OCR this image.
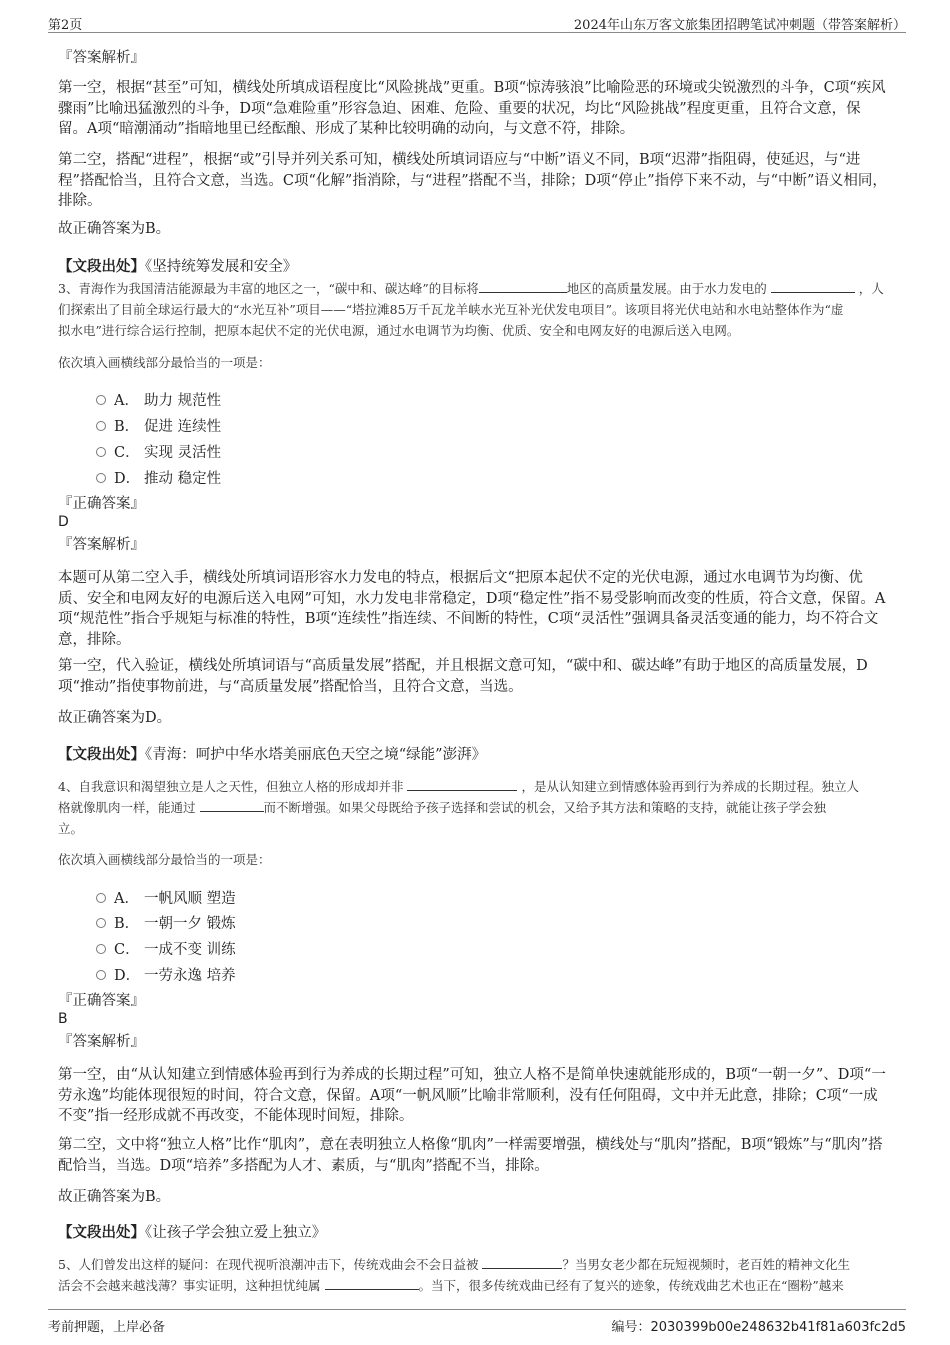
第2页	2024年山东万客文旅集团招聘笔试冲刺题（带答案解析）
『答案解析』
第一空，根据“甚至”可知，横线处所填成语程度比“风险挑战”更重。B项“惊涛骇浪”比喻险恶的环境或尖锐激烈的斗争，C项“疾风骤雨”比喻迅猛激烈的斗争，D项“急难险重”形容急迫、困难、危险、重要的状况，均比“风险挑战”程度更重，且符合文意，保留。A项“暗潮涌动”指暗地里已经酝酿、形成了某种比较明确的动向，与文意不符，排除。
第二空，搭配“进程”，根据“或”引导并列关系可知，横线处所填词语应与“中断”语义不同，B项“迟滞”指阻碍，使延迟，与“进程”搭配恰当，且符合文意，当选。C项“化解”指消除，与“进程”搭配不当，排除；D项“停止”指停下来不动，与“中断”语义相同，排除。
故正确答案为B。
【文段出处】《坚持统筹发展和安全》
3、青海作为我国清洁能源最为丰富的地区之一，“碳中和、碳达峰”的目标将	地区的高质量发展。由于水力发电的	，人
们探索出了目前全球运行最大的“水光互补”项目——“塔拉滩85万千瓦龙羊峡水光互补光伏发电项目”。该项目将光伏电站和水电站整体作为“虚
拟水电”进行综合运行控制，把原本起伏不定的光伏电源，通过水电调节为均衡、优质、安全和电网友好的电源后送入电网。
依次填入画横线部分最恰当的一项是：
A． 助力 规范性
B． 促进 连续性
C． 实现 灵活性
D． 推动 稳定性
『正确答案』
D
『答案解析』
本题可从第二空入手，横线处所填词语形容水力发电的特点，根据后文“把原本起伏不定的光伏电源，通过水电调节为均衡、优质、安全和电网友好的电源后送入电网”可知，水力发电非常稳定，D项“稳定性”指不易受影响而改变的性质，符合文意，保留。A项“规范性”指合乎规矩与标准的特性，B项“连续性”指连续、不间断的特性，C项“灵活性”强调具备灵活变通的能力，均不符合文意，排除。
第一空，代入验证，横线处所填词语与“高质量发展”搭配，并且根据文意可知，“碳中和、碳达峰”有助于地区的高质量发展，D项“推动”指使事物前进，与“高质量发展”搭配恰当，且符合文意，当选。
故正确答案为D。
【文段出处】《青海：呵护中华水塔美丽底色天空之境“绿能”澎湃》
4、自我意识和渴望独立是人之天性，但独立人格的形成却并非	，是从认知建立到情感体验再到行为养成的长期过程。独立人
格就像肌肉一样，能通过	而不断增强。如果父母既给予孩子选择和尝试的机会，又给予其方法和策略的支持，就能让孩子学会独
立。
依次填入画横线部分最恰当的一项是：
A． 一帆风顺 塑造
B． 一朝一夕 锻炼
C． 一成不变 训练
D． 一劳永逸 培养
『正确答案』
B
『答案解析』
第一空，由“从认知建立到情感体验再到行为养成的长期过程”可知，独立人格不是简单快速就能形成的，B项“一朝一夕”、D项“一劳永逸”均能体现很短的时间，符合文意，保留。A项“一帆风顺”比喻非常顺利，没有任何阻碍，文中并无此意，排除；C项“一成不变”指一经形成就不再改变，不能体现时间短，排除。
第二空，文中将“独立人格”比作“肌肉”，意在表明独立人格像“肌肉”一样需要增强，横线处与“肌肉”搭配，B项“锻炼”与“肌肉”搭配恰当，当选。D项“培养”多搭配为人才、素质，与“肌肉”搭配不当，排除。
故正确答案为B。
【文段出处】《让孩子学会独立爱上独立》
5、人们曾发出这样的疑问：在现代视听浪潮冲击下，传统戏曲会不会日益被	？当男女老少都在玩短视频时，老百姓的精神文化生
活会不会越来越浅薄？事实证明，这种担忧纯属	。当下，很多传统戏曲已经有了复兴的迹象，传统戏曲艺术也正在“圈粉”越来
考前押题，上岸必备	编号：2030399b00e248632b41f81a603fc2d5
